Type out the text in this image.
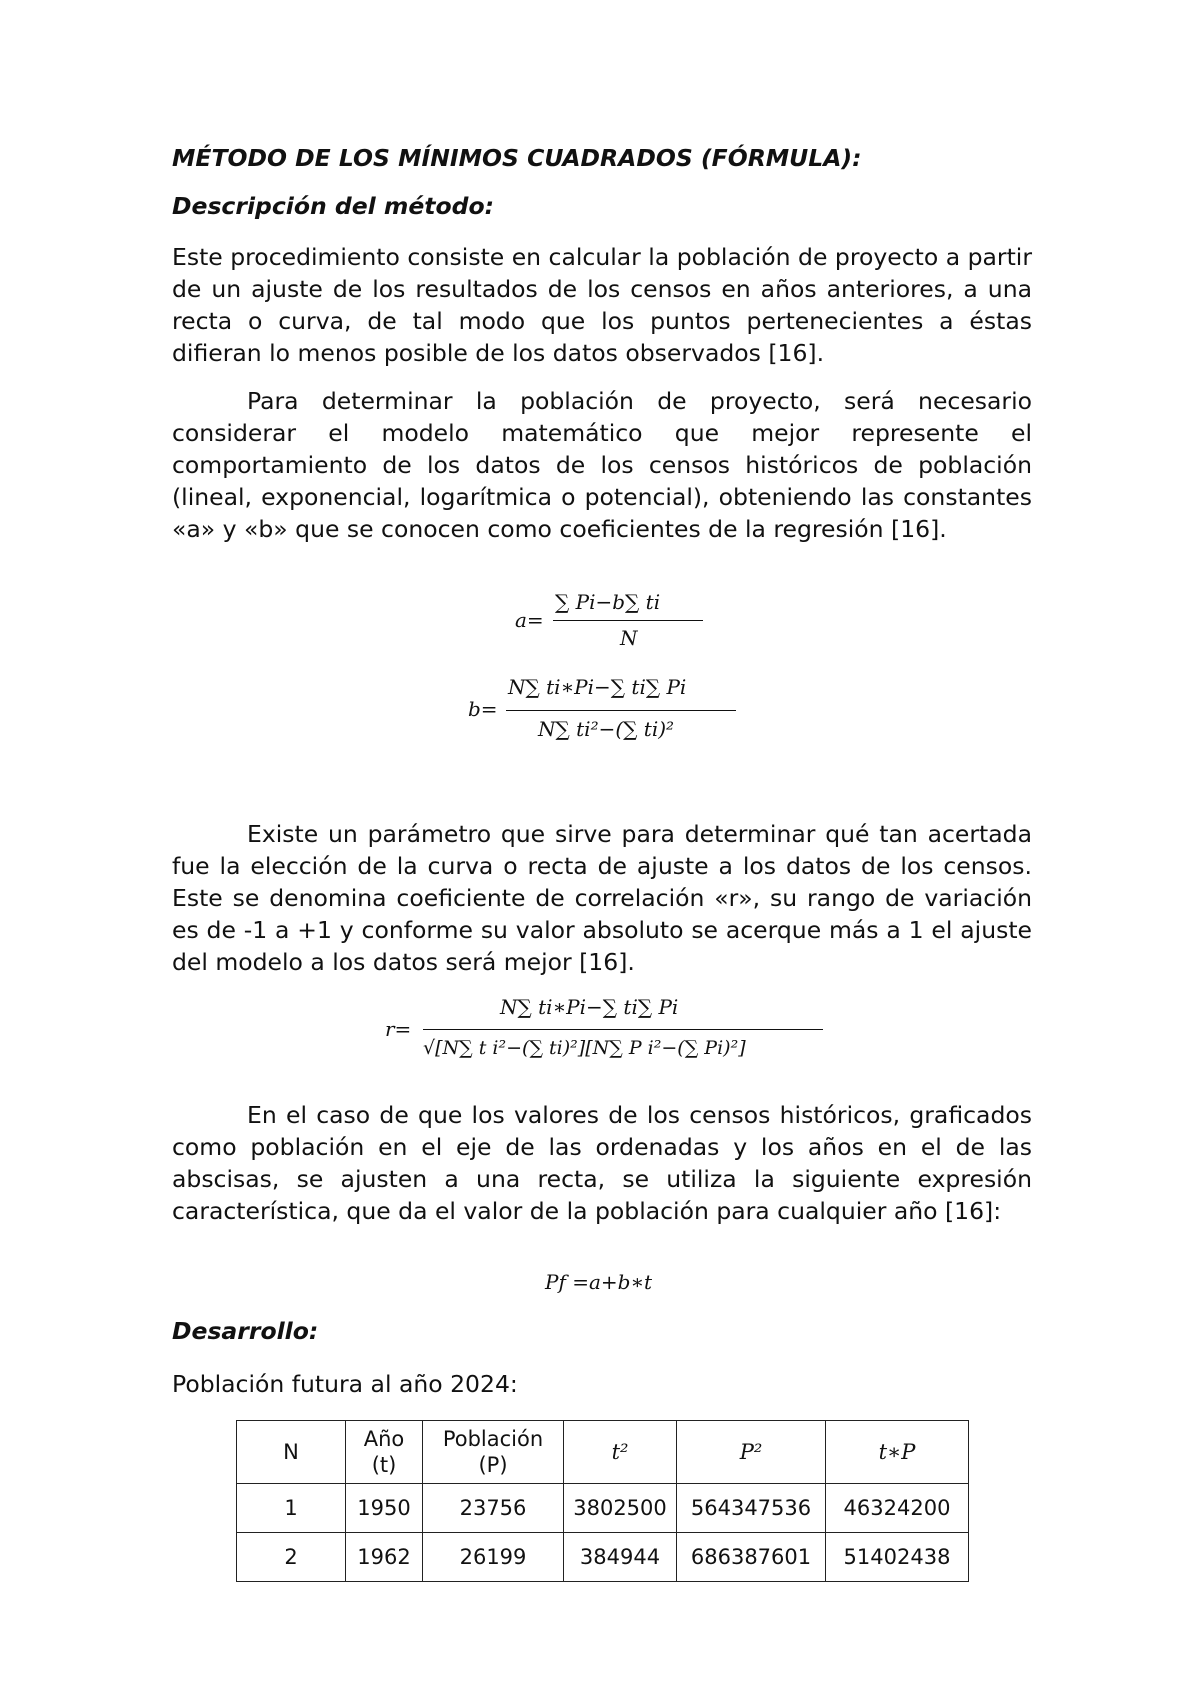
MÉTODO DE LOS MÍNIMOS CUADRADOS (FÓRMULA):

Descripción del método:

Este procedimiento consiste en calcular la población de proyecto a partir de un ajuste de los resultados de los censos en años anteriores, a una recta o curva, de tal modo que los puntos pertenecientes a éstas difieran lo menos posible de los datos observados [16].

Para determinar la población de proyecto, será necesario considerar el modelo matemático que mejor represente el comportamiento de los datos de los censos históricos de población (lineal, exponencial, logarítmica o potencial), obteniendo las constantes «a» y «b» que se conocen como coeficientes de la regresión [16].

a=
∑ Pi−b∑ ti
N
b=
N∑ ti∗Pi−∑ ti∑ Pi
N∑ ti²−(∑ ti)²

Existe un parámetro que sirve para determinar qué tan acertada fue la elección de la curva o recta de ajuste a los datos de los censos. Este se denomina coeficiente de correlación «r», su rango de variación es de -1 a +1 y conforme su valor absoluto se acerque más a 1 el ajuste del modelo a los datos será mejor [16].

r=
N∑ ti∗Pi−∑ ti∑ Pi
√[N∑ t i²−(∑ ti)²][N∑ P i²−(∑ Pi)²]

En el caso de que los valores de los censos históricos, graficados como población en el eje de las ordenadas y los años en el de las abscisas, se ajusten a una recta, se utiliza la siguiente expresión característica, que da el valor de la población para cualquier año [16]:

Pf =a+b∗t

Desarrollo:

Población futura al año 2024:

N	Año (t)	Población (P)	t²	P²	t∗P
1	1950	23756	3802500	564347536	46324200
2	1962	26199	384944	686387601	51402438
